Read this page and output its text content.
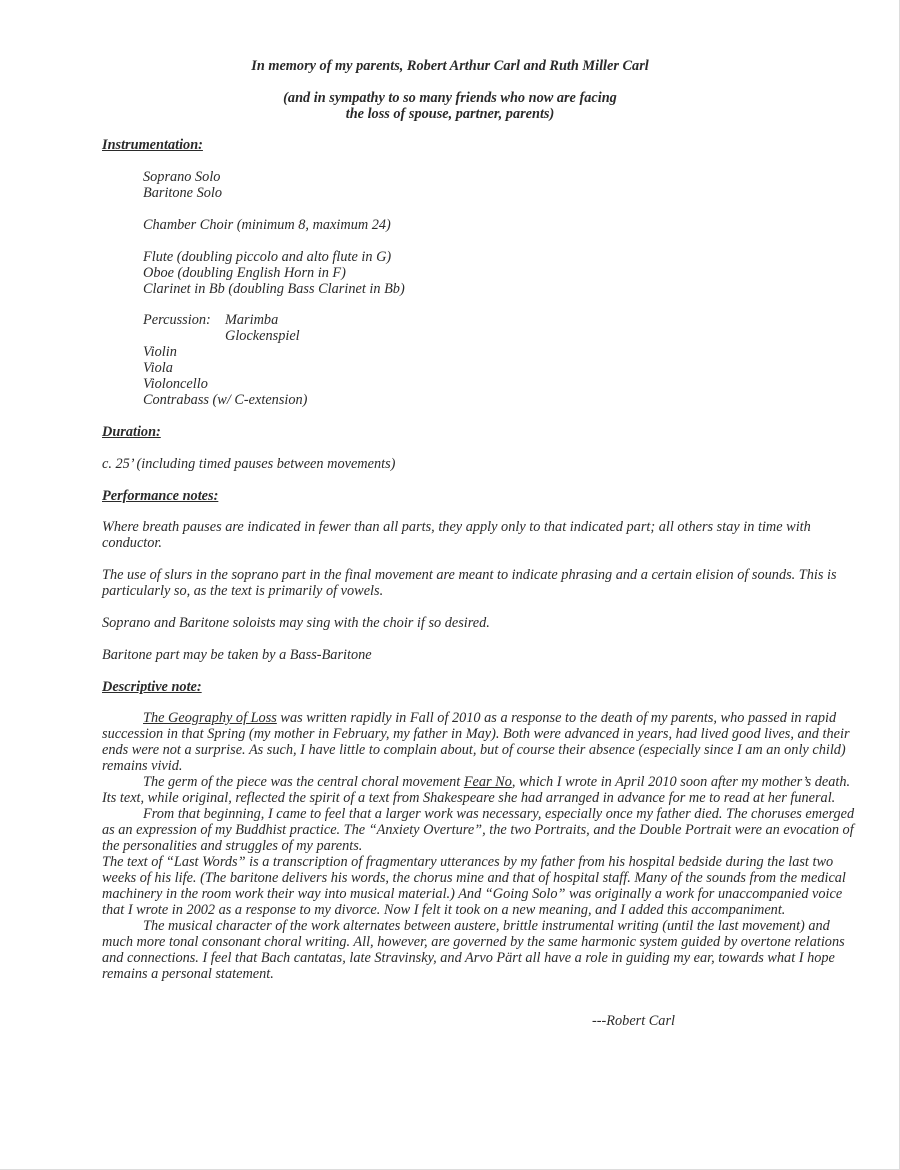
In memory of my parents, Robert Arthur Carl and Ruth Miller Carl

(and in sympathy to so many friends who now are facing

the loss of spouse, partner, parents)

Instrumentation:

Soprano Solo
Baritone Solo
Chamber Choir (minimum 8, maximum 24)
Flute (doubling piccolo and alto flute in G)
Oboe (doubling English Horn in F)
Clarinet in Bb (doubling Bass Clarinet in Bb)
Percussion: Marimba
Glockenspiel
Violin
Viola
Violoncello
Contrabass (w/ C-extension)

Duration:

c. 25’ (including timed pauses between movements)

Performance notes:

Where breath pauses are indicated in fewer than all parts, they apply only to that indicated part; all others stay in time with conductor.

The use of slurs in the soprano part in the final movement are meant to indicate phrasing and a certain elision of sounds. This is particularly so, as the text is primarily of vowels.

Soprano and Baritone soloists may sing with the choir if so desired.

Baritone part may be taken by a Bass-Baritone

Descriptive note:

The Geography of Loss was written rapidly in Fall of 2010 as a response to the death of my parents, who passed in rapid succession in that Spring (my mother in February, my father in May). Both were advanced in years, had lived good lives, and their ends were not a surprise. As such, I have little to complain about, but of course their absence (especially since I am an only child) remains vivid.

The germ of the piece was the central choral movement Fear No, which I wrote in April 2010 soon after my mother’s death. Its text, while original, reflected the spirit of a text from Shakespeare she had arranged in advance for me to read at her funeral.

From that beginning, I came to feel that a larger work was necessary, especially once my father died. The choruses emerged as an expression of my Buddhist practice. The “Anxiety Overture”, the two Portraits, and the Double Portrait were an evocation of the personalities and struggles of my parents.

The text of “Last Words” is a transcription of fragmentary utterances by my father from his hospital bedside during the last two weeks of his life. (The baritone delivers his words, the chorus mine and that of hospital staff. Many of the sounds from the medical machinery in the room work their way into musical material.) And “Going Solo” was originally a work for unaccompanied voice that I wrote in 2002 as a response to my divorce. Now I felt it took on a new meaning, and I added this accompaniment.

The musical character of the work alternates between austere, brittle instrumental writing (until the last movement) and much more tonal consonant choral writing. All, however, are governed by the same harmonic system guided by overtone relations and connections. I feel that Bach cantatas, late Stravinsky, and Arvo Pärt all have a role in guiding my ear, towards what I hope remains a personal statement.

---Robert Carl
